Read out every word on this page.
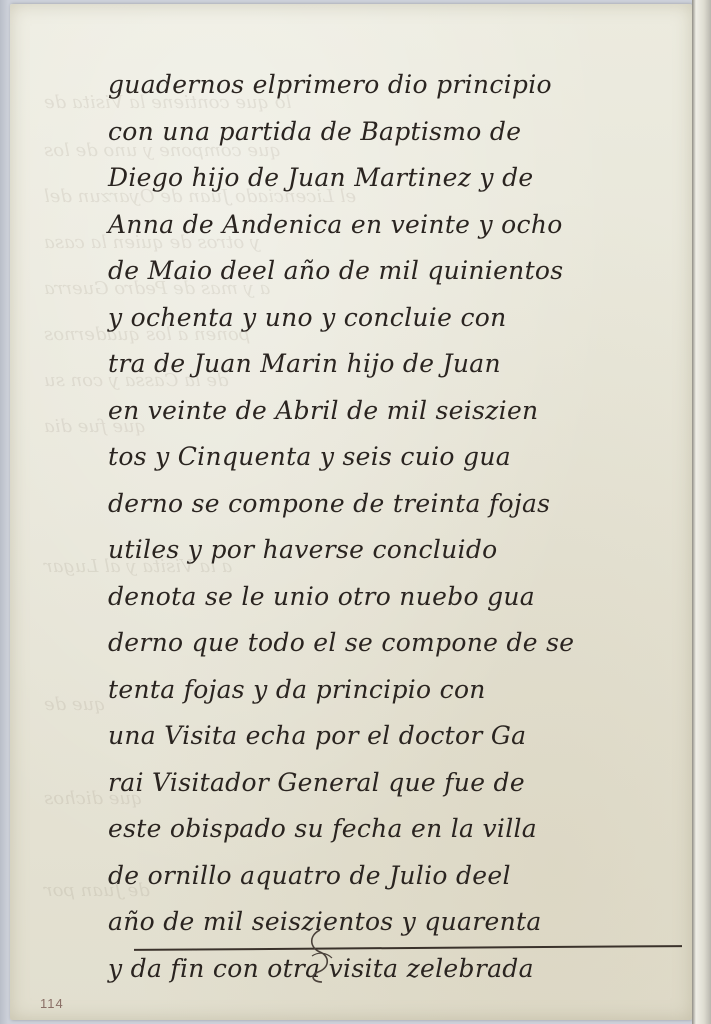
lo que contiene la Visita de
que compone y uno de los
el Licenciado Juan de Oyarzun del
y otros de quien la casa
a y mas de Pedro Guerra
ponen a los quadernos
de la Cassa y con su
que fue dia
a la Visita y al Lugar
que de
que dichos
de Juan por
guadernos elprimero dio principio
con una partida de Baptismo de
Diego hijo de Juan Martinez y de
Anna de Andenica en veinte y ocho
de Maio deel año de mil quinientos
y ochenta y uno y concluie con
tra de Juan Marin hijo de Juan
en veinte de Abril de mil seiszien
tos y Cinquenta y seis cuio gua
derno se compone de treinta fojas
utiles y por haverse concluido
denota se le unio otro nuebo gua
derno que todo el se compone de se
tenta fojas y da principio con
una Visita echa por el doctor Ga
rai Visitador General que fue de
este obispado su fecha en la villa
de ornillo aquatro de Julio deel
año de mil seiszientos y quarenta
y da fin con otra visita zelebrada
114
